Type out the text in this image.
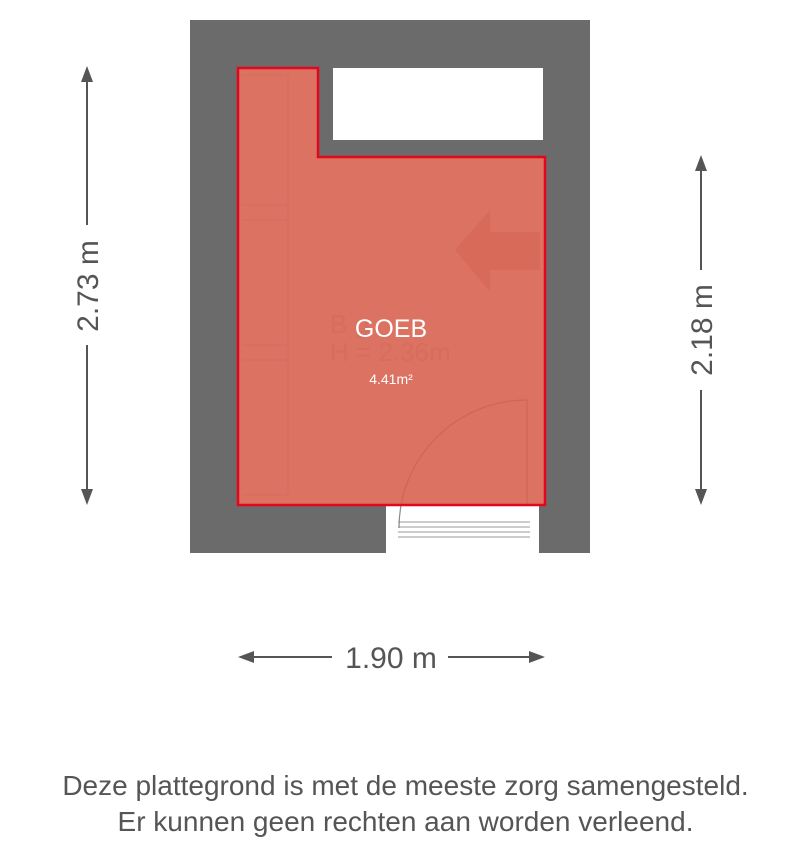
GOEB
4.41m²
2.73 m	2.18 m
1.90 m
Deze plattegrond is met de meeste zorg samengesteld.
Er kunnen geen rechten aan worden verleend.
